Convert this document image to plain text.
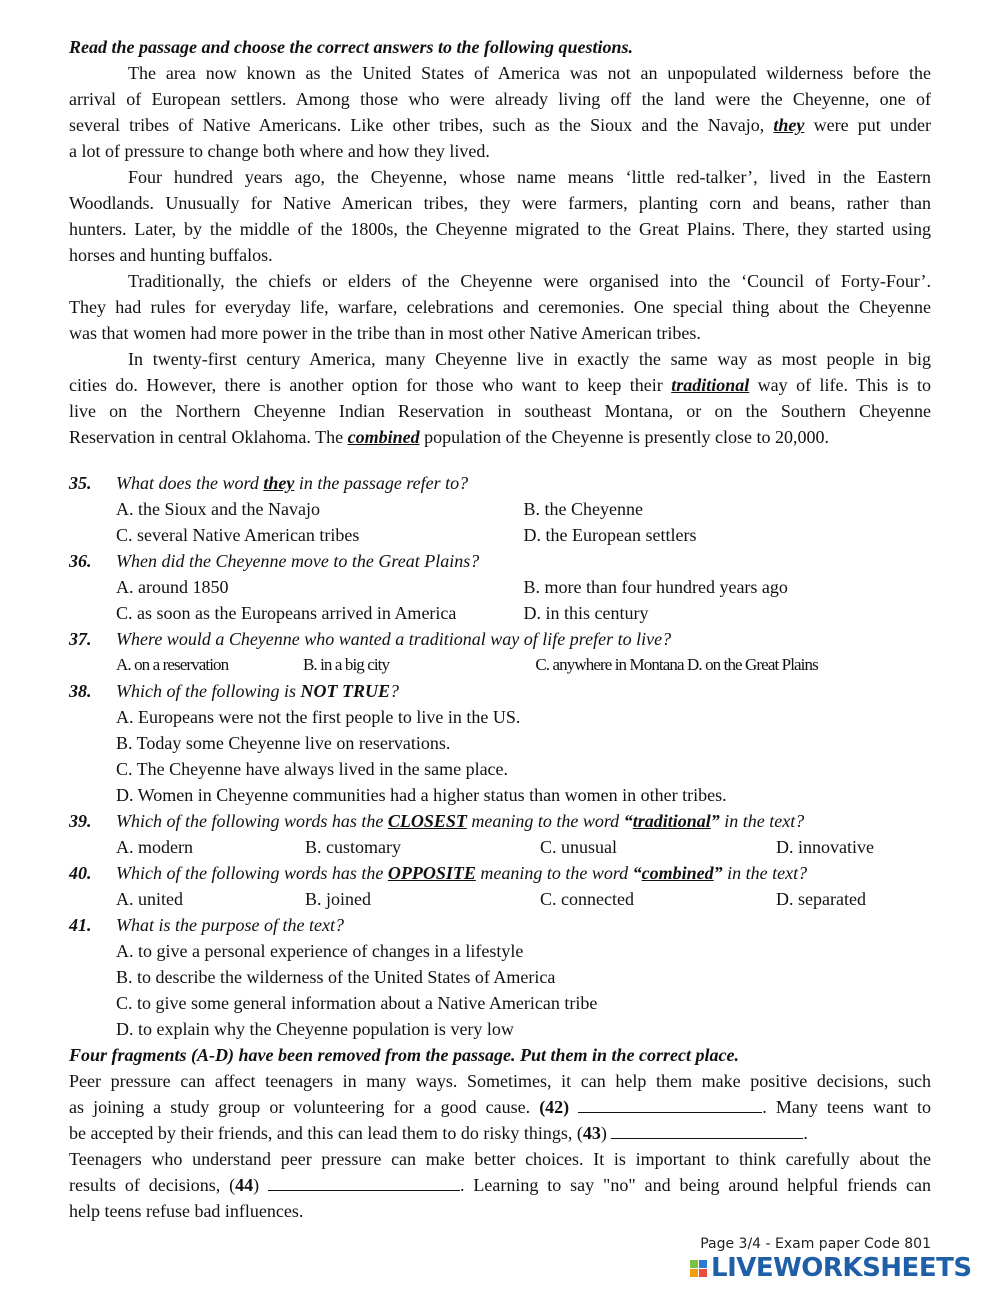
Read the passage and choose the correct answers to the following questions.
The area now known as the United States of America was not an unpopulated wilderness before the
arrival of European settlers. Among those who were already living off the land were the Cheyenne, one of
several tribes of Native Americans. Like other tribes, such as the Sioux and the Navajo, they were put under
a lot of pressure to change both where and how they lived.
Four hundred years ago, the Cheyenne, whose name means ‘little red-talker’, lived in the Eastern
Woodlands. Unusually for Native American tribes, they were farmers, planting corn and beans, rather than
hunters. Later, by the middle of the 1800s, the Cheyenne migrated to the Great Plains. There, they started using
horses and hunting buffalos.
Traditionally, the chiefs or elders of the Cheyenne were organised into the ‘Council of Forty-Four’.
They had rules for everyday life, warfare, celebrations and ceremonies. One special thing about the Cheyenne
was that women had more power in the tribe than in most other Native American tribes.
In twenty-first century America, many Cheyenne live in exactly the same way as most people in big
cities do. However, there is another option for those who want to keep their traditional way of life. This is to
live on the Northern Cheyenne Indian Reservation in southeast Montana, or on the Southern Cheyenne
Reservation in central Oklahoma. The combined population of the Cheyenne is presently close to 20,000.
35.	What does the word they in the passage refer to?
A. the Sioux and the Navajo	B. the Cheyenne
C. several Native American tribes	D. the European settlers
36.	When did the Cheyenne move to the Great Plains?
A. around 1850	B. more than four hundred years ago
C. as soon as the Europeans arrived in America	D. in this century
37.	Where would a Cheyenne who wanted a traditional way of life prefer to live?
A. on a reservation	B. in a big city	C. anywhere in Montana D. on the Great Plains
38.	Which of the following is NOT TRUE?
A. Europeans were not the first people to live in the US.
B. Today some Cheyenne live on reservations.
C. The Cheyenne have always lived in the same place.
D. Women in Cheyenne communities had a higher status than women in other tribes.
39.	Which of the following words has the CLOSEST meaning to the word “traditional” in the text?
A. modern	B. customary	C. unusual	D. innovative
40.	Which of the following words has the OPPOSITE meaning to the word “combined” in the text?
A. united	B. joined	C. connected	D. separated
41.	What is the purpose of the text?
A. to give a personal experience of changes in a lifestyle
B. to describe the wilderness of the United States of America
C. to give some general information about a Native American tribe
D. to explain why the Cheyenne population is very low
Four fragments (A-D) have been removed from the passage. Put them in the correct place.
Peer pressure can affect teenagers in many ways. Sometimes, it can help them make positive decisions, such
as joining a study group or volunteering for a good cause. (42)	. Many teens want to
be accepted by their friends, and this can lead them to do risky things, (43)	.
Teenagers who understand peer pressure can make better choices. It is important to think carefully about the
results of decisions, (44)	. Learning to say "no" and being around helpful friends can
help teens refuse bad influences.
Page 3/4 - Exam paper Code 801
LIVEWORKSHEETS
